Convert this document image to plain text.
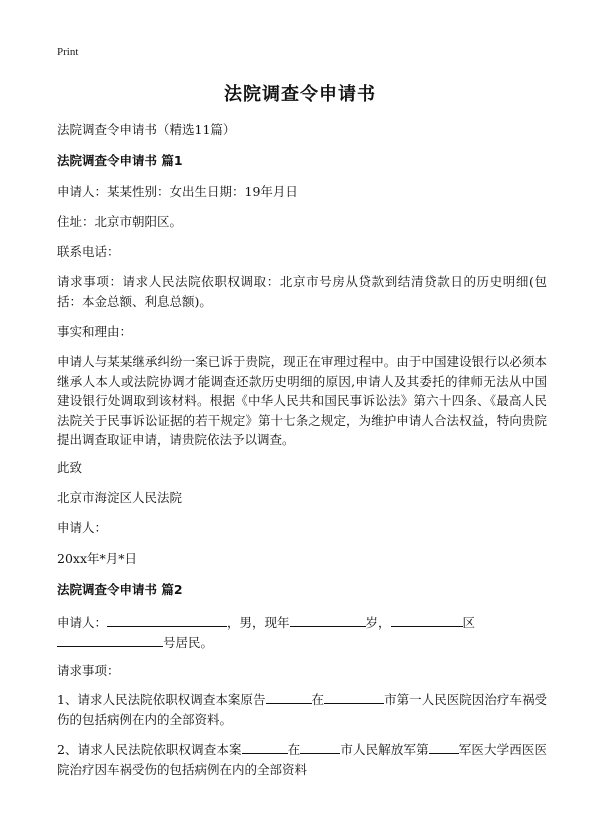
Print
法院调查令申请书
法院调查令申请书（精选11篇）
法院调查令申请书 篇1
申请人：某某性别：女出生日期：19年月日
住址：北京市朝阳区。
联系电话：
请求事项：请求人民法院依职权调取：北京市号房从贷款到结清贷款日的历史明细(包括：本金总额、利息总额)。
事实和理由：
申请人与某某继承纠纷一案已诉于贵院，现正在审理过程中。由于中国建设银行以必须本继承人本人或法院协调才能调查还款历史明细的原因,申请人及其委托的律师无法从中国建设银行处调取到该材料。根据《中华人民共和国民事诉讼法》第六十四条、《最高人民法院关于民事诉讼证据的若干规定》第十七条之规定，为维护申请人合法权益，特向贵院提出调查取证申请，请贵院依法予以调查。
此致
北京市海淀区人民法院
申请人：
20xx年*月*日
法院调查令申请书 篇2
申请人：	，男，现年	岁，	区
号居民。
请求事项：
1、请求人民法院依职权调查本案原告	在	市第一人民医院因治疗车祸受伤的包括病例在内的全部资料。
2、请求人民法院依职权调查本案	在	市人民解放军第 军医大学西医医院治疗因车祸受伤的包括病例在内的全部资料
